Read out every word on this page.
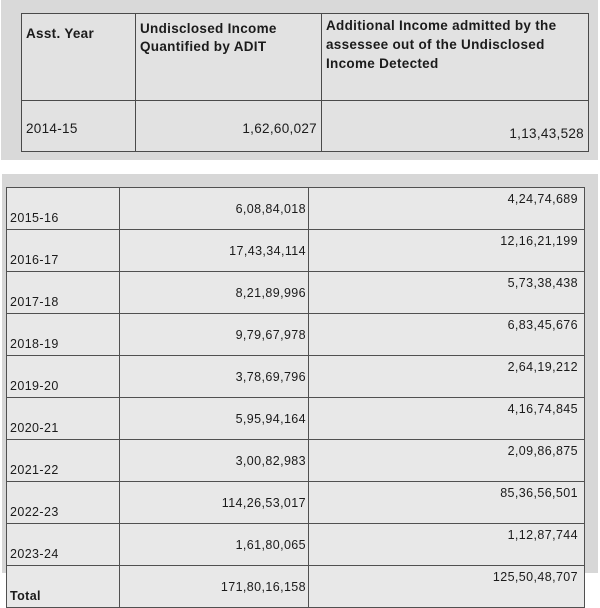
Asst. Year	Undisclosed Income Quantified by ADIT	Additional Income admitted by the assessee out of the Undisclosed Income Detected

2014-15	1,62,60,027	1,13,43,528
2015-16	6,08,84,018	4,24,74,689
2016-17	17,43,34,114	12,16,21,199
2017-18	8,21,89,996	5,73,38,438
2018-19	9,79,67,978	6,83,45,676
2019-20	3,78,69,796	2,64,19,212
2020-21	5,95,94,164	4,16,74,845
2021-22	3,00,82,983	2,09,86,875
2022-23	114,26,53,017	85,36,56,501
2023-24	1,61,80,065	1,12,87,744
Total	171,80,16,158	125,50,48,707
